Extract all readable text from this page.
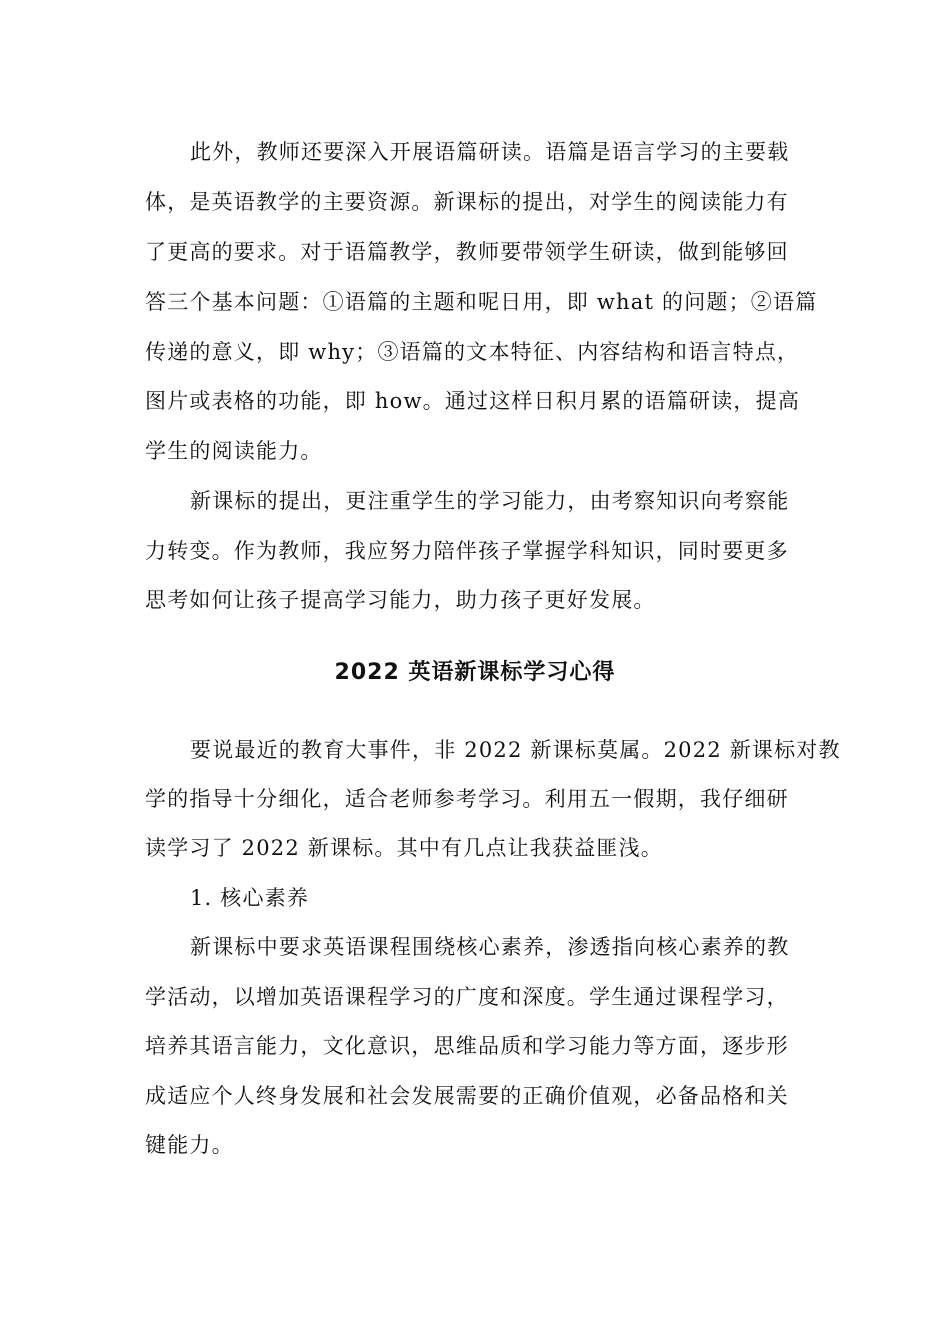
此外，教师还要深入开展语篇研读。语篇是语言学习的主要载
体，是英语教学的主要资源。新课标的提出，对学生的阅读能力有
了更高的要求。对于语篇教学，教师要带领学生研读，做到能够回
答三个基本问题：①语篇的主题和呢日用，即 what 的问题；②语篇
传递的意义，即 why；③语篇的文本特征、内容结构和语言特点，
图片或表格的功能，即 how。通过这样日积月累的语篇研读，提高
学生的阅读能力。
新课标的提出，更注重学生的学习能力，由考察知识向考察能
力转变。作为教师，我应努力陪伴孩子掌握学科知识，同时要更多
思考如何让孩子提高学习能力，助力孩子更好发展。
2022 英语新课标学习心得
要说最近的教育大事件，非 2022 新课标莫属。2022 新课标对教
学的指导十分细化，适合老师参考学习。利用五一假期，我仔细研
读学习了 2022 新课标。其中有几点让我获益匪浅。
1. 核心素养
新课标中要求英语课程围绕核心素养，渗透指向核心素养的教
学活动，以增加英语课程学习的广度和深度。学生通过课程学习，
培养其语言能力，文化意识，思维品质和学习能力等方面，逐步形
成适应个人终身发展和社会发展需要的正确价值观，必备品格和关
键能力。
